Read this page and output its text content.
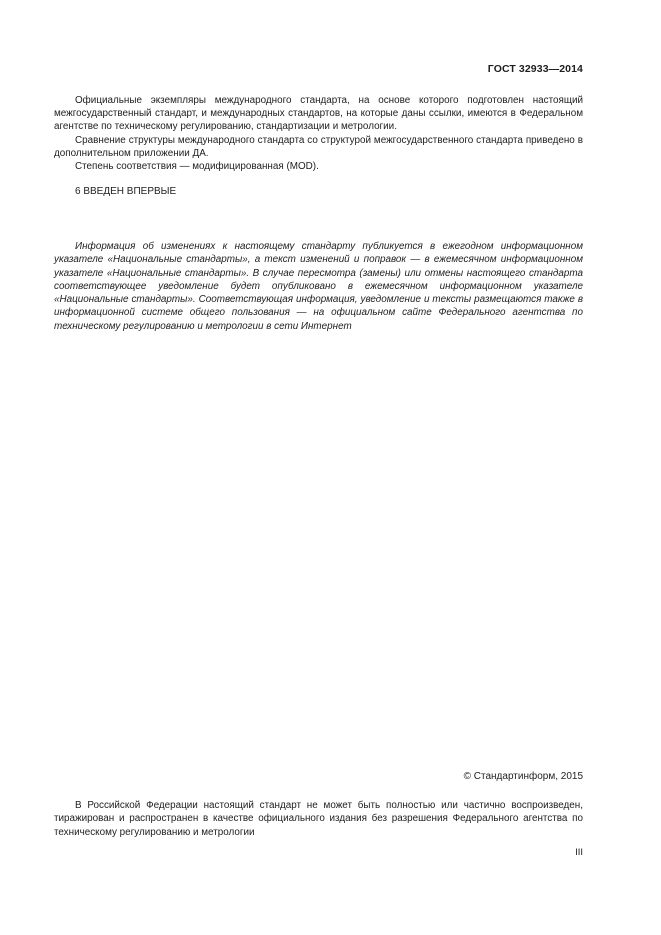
ГОСТ 32933—2014

Официальные экземпляры международного стандарта, на основе которого подготовлен настоящий межгосударственный стандарт, и международных стандартов, на которые даны ссылки, имеются в Федеральном агентстве по техническому регулированию, стандартизации и метрологии.

Сравнение структуры международного стандарта со структурой межгосударственного стандарта приведено в дополнительном приложении ДА.

Степень соответствия — модифицированная (MOD).

6 ВВЕДЕН ВПЕРВЫЕ

Информация об изменениях к настоящему стандарту публикуется в ежегодном информационном указателе «Национальные стандарты», а текст изменений и поправок — в ежемесячном информационном указателе «Национальные стандарты». В случае пересмотра (замены) или отмены настоящего стандарта соответствующее уведомление будет опубликовано в ежемесячном информационном указателе «Национальные стандарты». Соответствующая информация, уведомление и тексты размещаются также в информационной системе общего пользования — на официальном сайте Федерального агентства по техническому регулированию и метрологии в сети Интернет

© Стандартинформ, 2015

В Российской Федерации настоящий стандарт не может быть полностью или частично воспроизведен, тиражирован и распространен в качестве официального издания без разрешения Федерального агентства по техническому регулированию и метрологии

III
